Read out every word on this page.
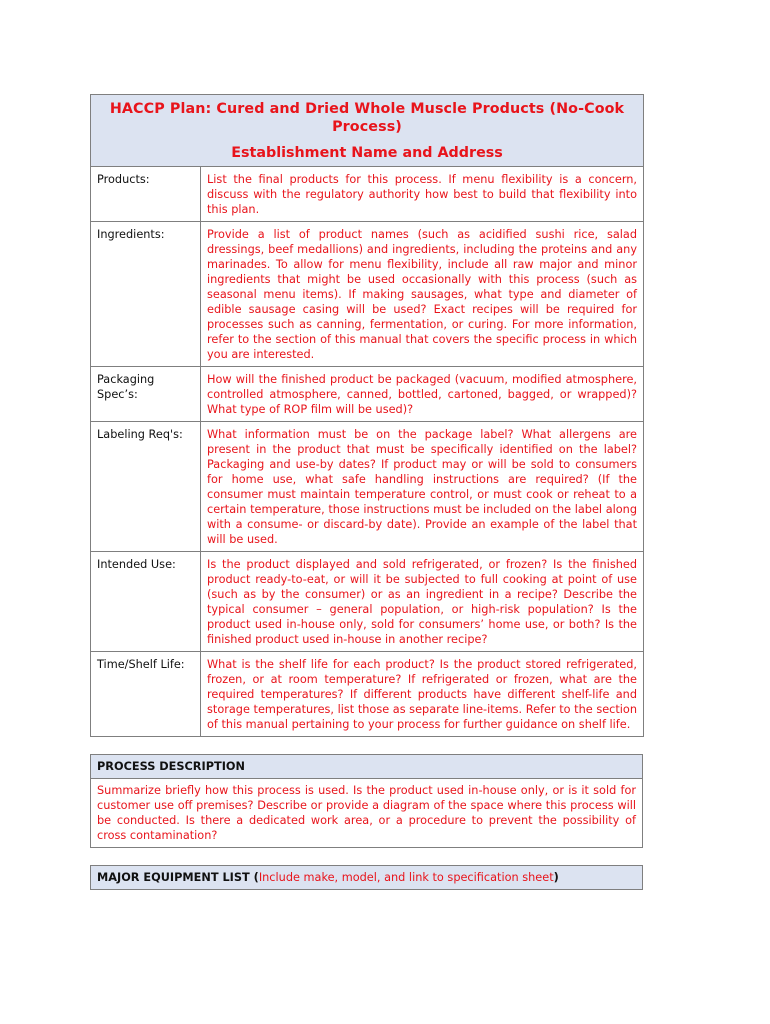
HACCP Plan: Cured and Dried Whole Muscle Products (No-Cook Process)
Establishment Name and Address	

Products:	List the final products for this process. If menu flexibility is a concern, discuss with the regulatory authority how best to build that flexibility into this plan.
Ingredients:	Provide a list of product names (such as acidified sushi rice, salad dressings, beef medallions) and ingredients, including the proteins and any marinades. To allow for menu flexibility, include all raw major and minor ingredients that might be used occasionally with this process (such as seasonal menu items). If making sausages, what type and diameter of edible sausage casing will be used? Exact recipes will be required for processes such as canning, fermentation, or curing. For more information, refer to the section of this manual that covers the specific process in which you are interested.
Packaging Spec’s:	How will the finished product be packaged (vacuum, modified atmosphere, controlled atmosphere, canned, bottled, cartoned, bagged, or wrapped)? What type of ROP film will be used)?
Labeling Req's:	What information must be on the package label? What allergens are present in the product that must be specifically identified on the label? Packaging and use-by dates? If product may or will be sold to consumers for home use, what safe handling instructions are required? (If the consumer must maintain temperature control, or must cook or reheat to a certain temperature, those instructions must be included on the label along with a consume- or discard-by date). Provide an example of the label that will be used.
Intended Use:	Is the product displayed and sold refrigerated, or frozen? Is the finished product ready-to-eat, or will it be subjected to full cooking at point of use (such as by the consumer) or as an ingredient in a recipe? Describe the typical consumer – general population, or high-risk population? Is the product used in-house only, sold for consumers’ home use, or both? Is the finished product used in-house in another recipe?
Time/Shelf Life:	What is the shelf life for each product? Is the product stored refrigerated, frozen, or at room temperature? If refrigerated or frozen, what are the required temperatures? If different products have different shelf-life and storage temperatures, list those as separate line-items. Refer to the section of this manual pertaining to your process for further guidance on shelf life.
PROCESS DESCRIPTION
Summarize briefly how this process is used. Is the product used in-house only, or is it sold for customer use off premises? Describe or provide a diagram of the space where this process will be conducted. Is there a dedicated work area, or a procedure to prevent the possibility of cross contamination?
MAJOR EQUIPMENT LIST (Include make, model, and link to specification sheet)
